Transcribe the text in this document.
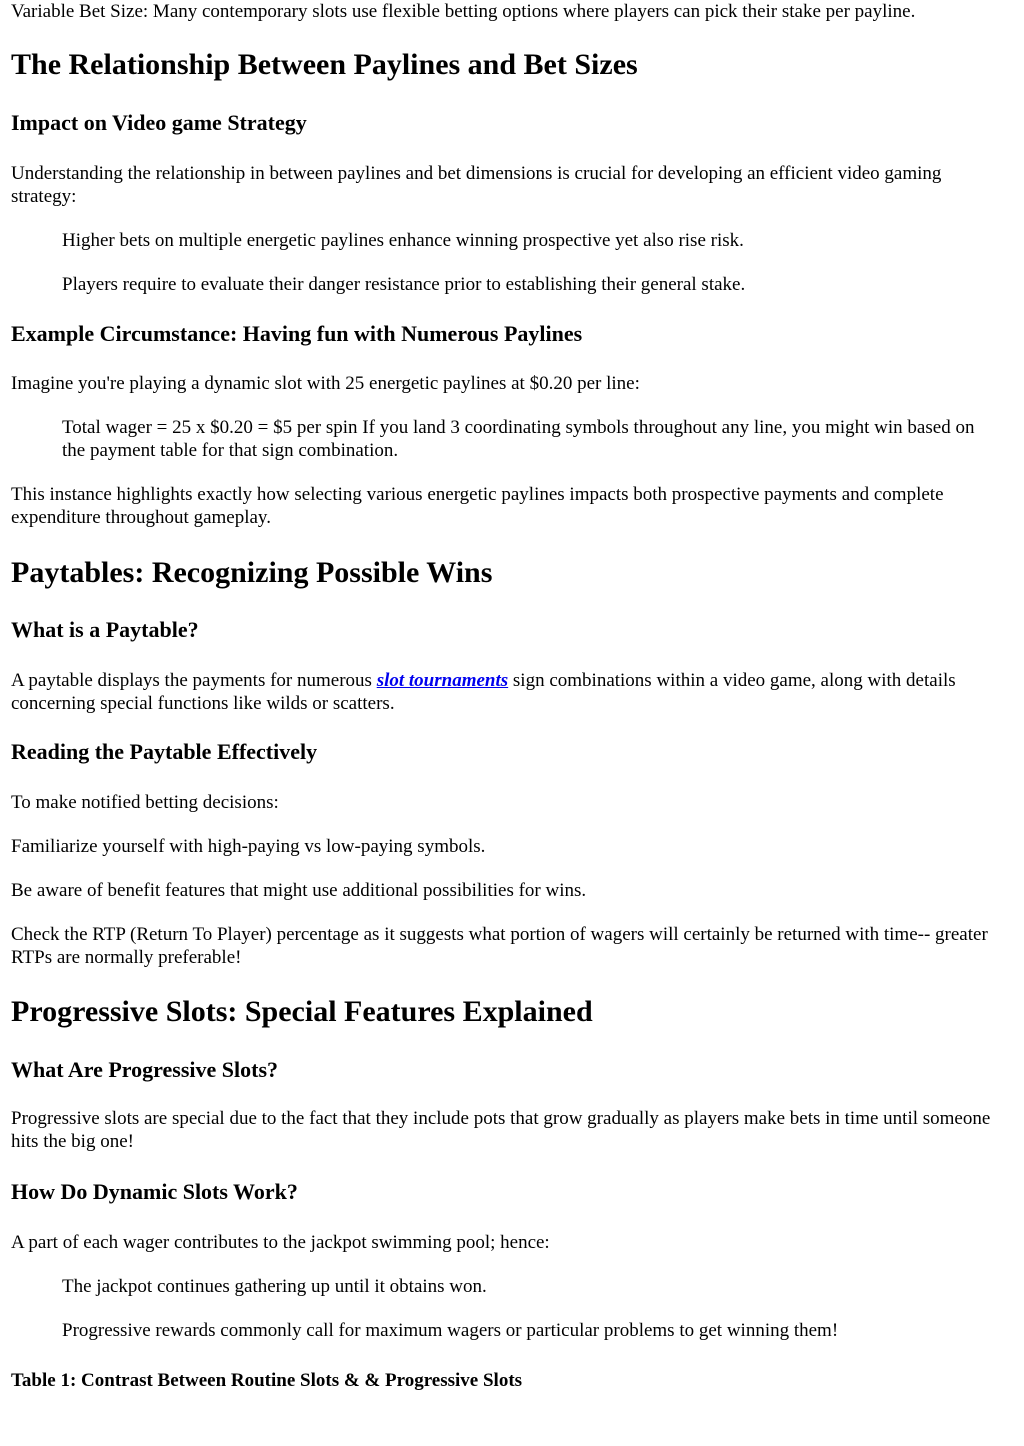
Variable Bet Size: Many contemporary slots use flexible betting options where players can pick their stake per payline.

The Relationship Between Paylines and Bet Sizes
Impact on Video game Strategy

Understanding the relationship in between paylines and bet dimensions is crucial for developing an efficient video gaming strategy:

Higher bets on multiple energetic paylines enhance winning prospective yet also rise risk.

Players require to evaluate their danger resistance prior to establishing their general stake.

Example Circumstance: Having fun with Numerous Paylines

Imagine you're playing a dynamic slot with 25 energetic paylines at $0.20 per line:

Total wager = 25 x $0.20 = $5 per spin If you land 3 coordinating symbols throughout any line, you might win based on the payment table for that sign combination.

This instance highlights exactly how selecting various energetic paylines impacts both prospective payments and complete expenditure throughout gameplay.

Paytables: Recognizing Possible Wins
What is a Paytable?

A paytable displays the payments for numerous slot tournaments sign combinations within a video game, along with details concerning special functions like wilds or scatters.

Reading the Paytable Effectively

To make notified betting decisions:

Familiarize yourself with high-paying vs low-paying symbols.

Be aware of benefit features that might use additional possibilities for wins.

Check the RTP (Return To Player) percentage as it suggests what portion of wagers will certainly be returned with time-- greater RTPs are normally preferable!

Progressive Slots: Special Features Explained
What Are Progressive Slots?

Progressive slots are special due to the fact that they include pots that grow gradually as players make bets in time until someone hits the big one!

How Do Dynamic Slots Work?

A part of each wager contributes to the jackpot swimming pool; hence:

The jackpot continues gathering up until it obtains won.

Progressive rewards commonly call for maximum wagers or particular problems to get winning them!

Table 1: Contrast Between Routine Slots & & Progressive Slots
